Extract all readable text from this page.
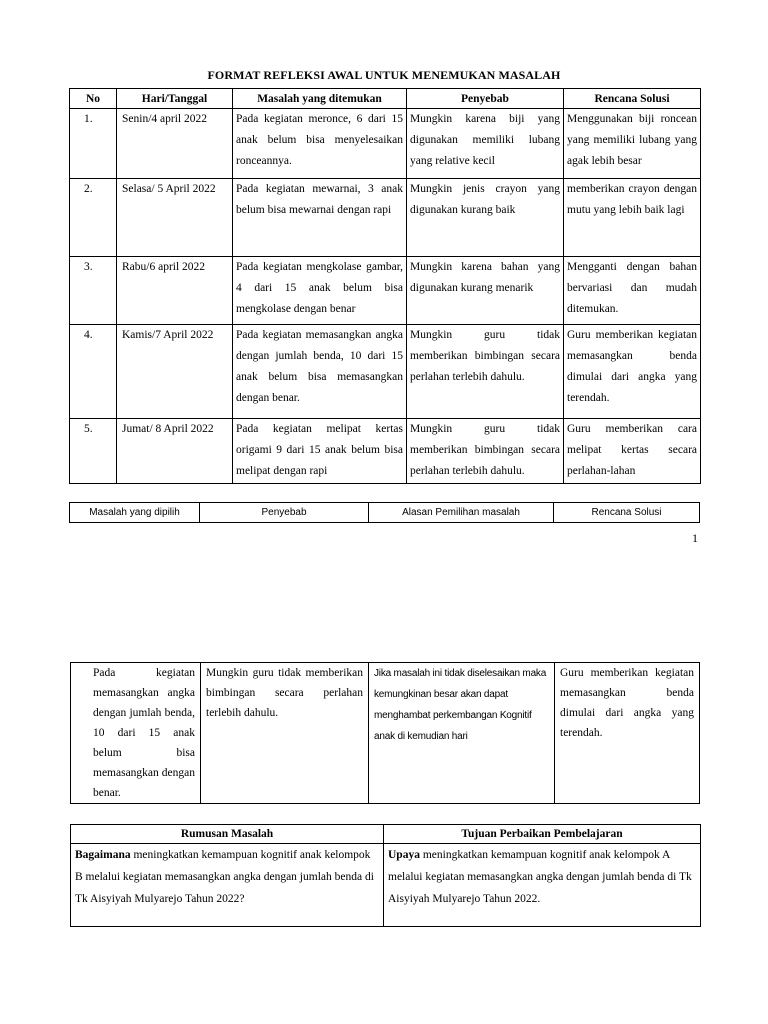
FORMAT REFLEKSI AWAL UNTUK MENEMUKAN MASALAH
No	Hari/Tanggal	Masalah yang ditemukan	Penyebab	Rencana Solusi
1.	Senin/4 april 2022	Pada kegiatan meronce, 6 dari 15 anak belum bisa menyelesaikan ronceannya.	Mungkin karena biji yang digunakan memiliki lubang yang relative kecil	Menggunakan biji roncean yang memiliki lubang yang agak lebih besar
2.	Selasa/ 5 April 2022	Pada kegiatan mewarnai, 3 anak belum bisa mewarnai dengan rapi	Mungkin jenis crayon yang digunakan kurang baik	memberikan crayon dengan mutu yang lebih baik lagi
3.	Rabu/6 april 2022	Pada kegiatan mengkolase gambar, 4 dari 15 anak belum bisa mengkolase dengan benar	Mungkin karena bahan yang digunakan kurang menarik	Mengganti dengan bahan bervariasi dan mudah ditemukan.
4.	Kamis/7 April 2022	Pada kegiatan memasangkan angka dengan jumlah benda, 10 dari 15 anak belum bisa memasangkan dengan benar.	Mungkin guru tidak memberikan bimbingan secara perlahan terlebih dahulu.	Guru memberikan kegiatan memasangkan benda dimulai dari angka yang terendah.
5.	Jumat/ 8 April 2022	Pada kegiatan melipat kertas origami 9 dari 15 anak belum bisa melipat dengan rapi	Mungkin guru tidak memberikan bimbingan secara perlahan terlebih dahulu.	Guru memberikan cara melipat kertas secara perlahan-lahan
Masalah yang dipilih	Penyebab	Alasan Pemilihan masalah	Rencana Solusi
1
Pada kegiatan memasangkan angka dengan jumlah benda, 10 dari 15 anak belum bisa memasangkan dengan benar.	Mungkin guru tidak memberikan bimbingan secara perlahan terlebih dahulu.	Jika masalah ini tidak diselesaikan maka kemungkinan besar akan dapat menghambat perkembangan Kognitif anak di kemudian hari	Guru memberikan kegiatan memasangkan benda dimulai dari angka yang terendah.
Rumusan Masalah	Tujuan Perbaikan Pembelajaran
Bagaimana meningkatkan kemampuan kognitif anak kelompok B melalui kegiatan memasangkan angka dengan jumlah benda di Tk Aisyiyah Mulyarejo Tahun 2022?	Upaya meningkatkan kemampuan kognitif anak kelompok A melalui kegiatan memasangkan angka dengan jumlah benda di Tk Aisyiyah Mulyarejo Tahun 2022.
